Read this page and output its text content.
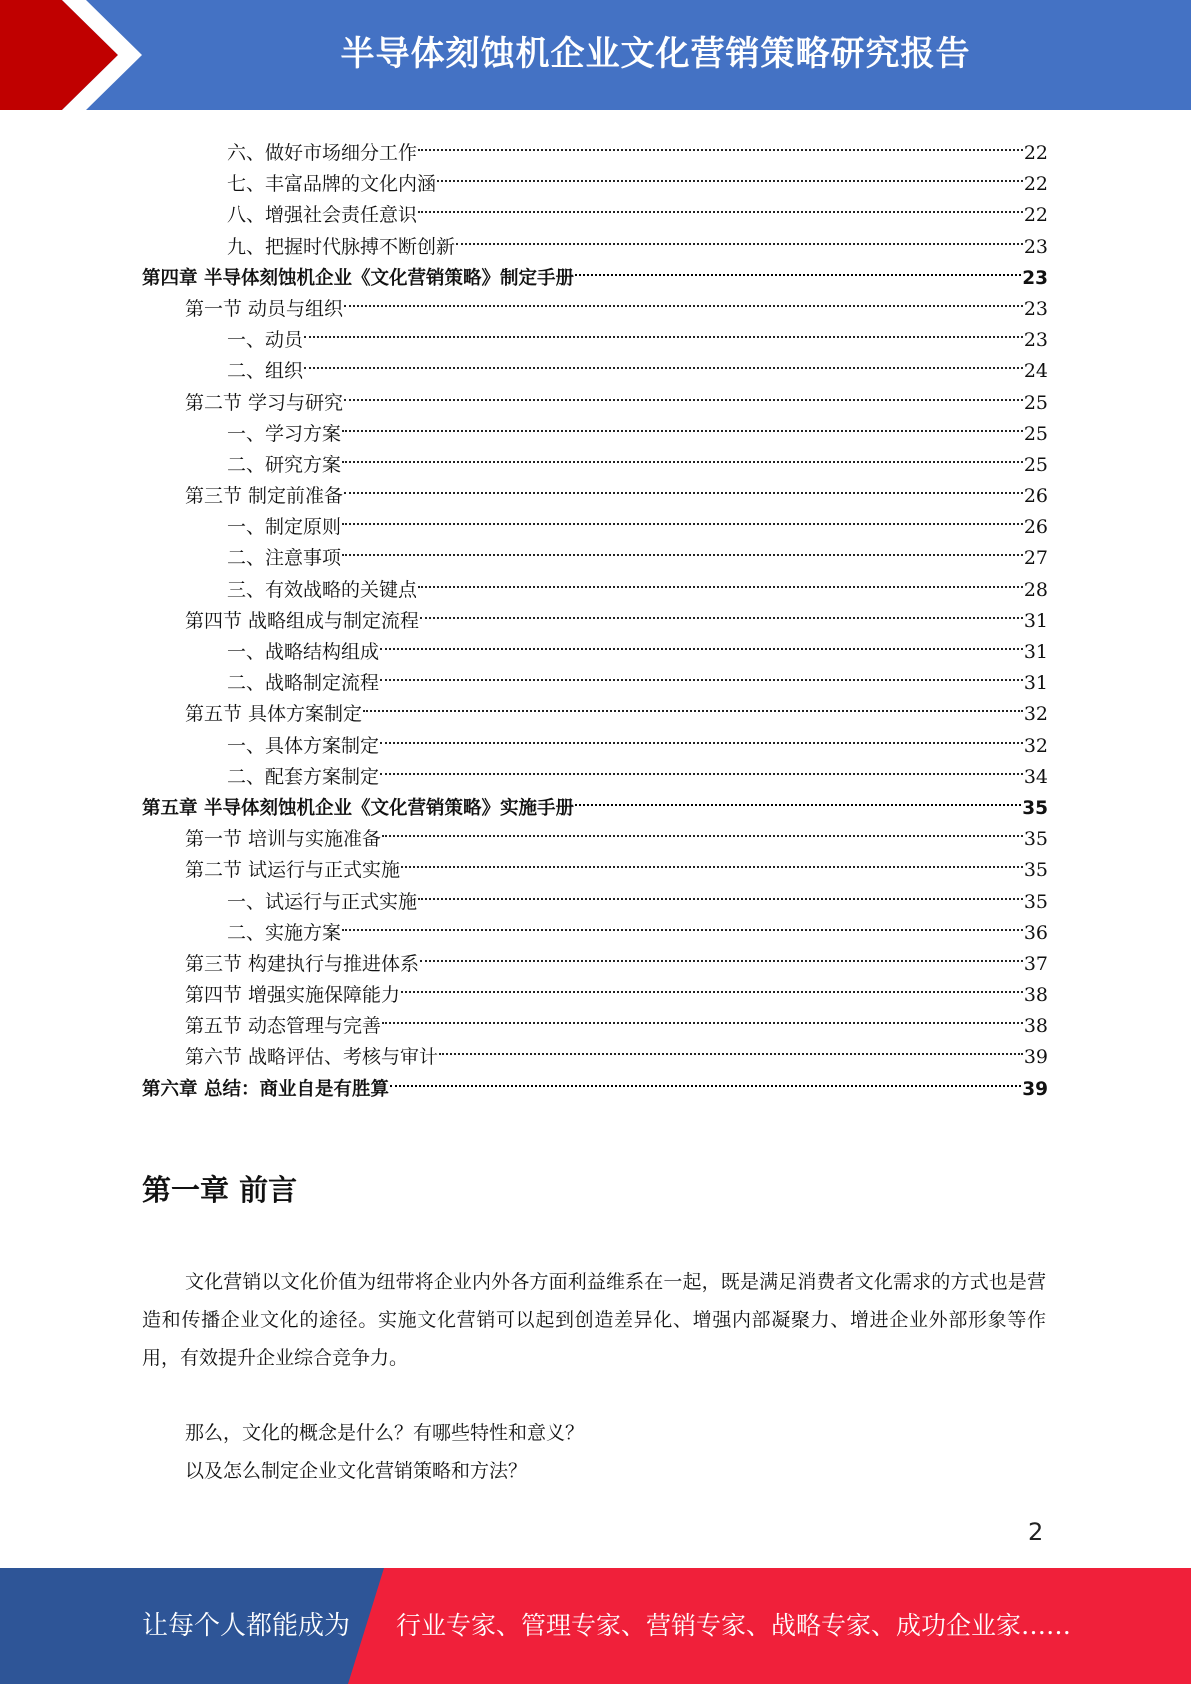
半导体刻蚀机企业文化营销策略研究报告
六、做好市场细分工作	22
七、丰富品牌的文化内涵	22
八、增强社会责任意识	22
九、把握时代脉搏不断创新	23
第四章 半导体刻蚀机企业《文化营销策略》制定手册	23
第一节 动员与组织	23
一、动员	23
二、组织	24
第二节 学习与研究	25
一、学习方案	25
二、研究方案	25
第三节 制定前准备	26
一、制定原则	26
二、注意事项	27
三、有效战略的关键点	28
第四节 战略组成与制定流程	31
一、战略结构组成	31
二、战略制定流程	31
第五节 具体方案制定	32
一、具体方案制定	32
二、配套方案制定	34
第五章 半导体刻蚀机企业《文化营销策略》实施手册	35
第一节 培训与实施准备	35
第二节 试运行与正式实施	35
一、试运行与正式实施	35
二、实施方案	36
第三节 构建执行与推进体系	37
第四节 增强实施保障能力	38
第五节 动态管理与完善	38
第六节 战略评估、考核与审计	39
第六章 总结：商业自是有胜算	39
第一章 前言
文化营销以文化价值为纽带将企业内外各方面利益维系在一起，既是满足消费者文化需求的方式也是营造和传播企业文化的途径。实施文化营销可以起到创造差异化、增强内部凝聚力、增进企业外部形象等作用，有效提升企业综合竞争力。
那么，文化的概念是什么？有哪些特性和意义？
以及怎么制定企业文化营销策略和方法？
2
让每个人都能成为 行业专家、管理专家、营销专家、战略专家、成功企业家……
